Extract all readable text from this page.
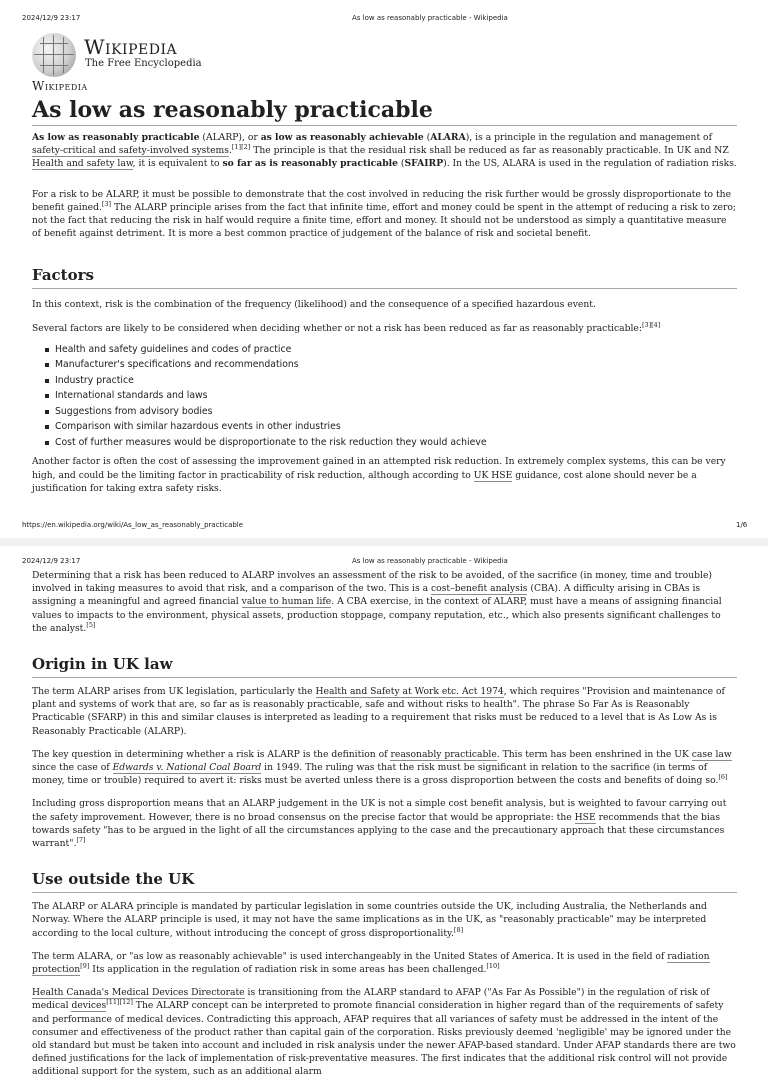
2024/12/9 23:17	As low as reasonably practicable - Wikipedia
Wikipedia
The Free Encyclopedia
Wikipedia
As low as reasonably practicable

As low as reasonably practicable (ALARP), or as low as reasonably achievable (ALARA), is a principle in the regulation and management of safety-critical and safety-involved systems.[1][2] The principle is that the residual risk shall be reduced as far as reasonably practicable. In UK and NZ Health and safety law, it is equivalent to so far as is reasonably practicable (SFAIRP). In the US, ALARA is used in the regulation of radiation risks.

For a risk to be ALARP, it must be possible to demonstrate that the cost involved in reducing the risk further would be grossly disproportionate to the benefit gained.[3] The ALARP principle arises from the fact that infinite time, effort and money could be spent in the attempt of reducing a risk to zero; not the fact that reducing the risk in half would require a finite time, effort and money. It should not be understood as simply a quantitative measure of benefit against detriment. It is more a best common practice of judgement of the balance of risk and societal benefit.

Factors

In this context, risk is the combination of the frequency (likelihood) and the consequence of a specified hazardous event.

Several factors are likely to be considered when deciding whether or not a risk has been reduced as far as reasonably practicable:[3][4]

Health and safety guidelines and codes of practice
Manufacturer's specifications and recommendations
Industry practice
International standards and laws
Suggestions from advisory bodies
Comparison with similar hazardous events in other industries
Cost of further measures would be disproportionate to the risk reduction they would achieve

Another factor is often the cost of assessing the improvement gained in an attempted risk reduction. In extremely complex systems, this can be very high, and could be the limiting factor in practicability of risk reduction, although according to UK HSE guidance, cost alone should never be a justification for taking extra safety risks.

https://en.wikipedia.org/wiki/As_low_as_reasonably_practicable	1/6
2024/12/9 23:17	As low as reasonably practicable - Wikipedia

Determining that a risk has been reduced to ALARP involves an assessment of the risk to be avoided, of the sacrifice (in money, time and trouble) involved in taking measures to avoid that risk, and a comparison of the two. This is a cost–benefit analysis (CBA). A difficulty arising in CBAs is assigning a meaningful and agreed financial value to human life. A CBA exercise, in the context of ALARP, must have a means of assigning financial values to impacts to the environment, physical assets, production stoppage, company reputation, etc., which also presents significant challenges to the analyst.[5]

Origin in UK law

The term ALARP arises from UK legislation, particularly the Health and Safety at Work etc. Act 1974, which requires "Provision and maintenance of plant and systems of work that are, so far as is reasonably practicable, safe and without risks to health". The phrase So Far As is Reasonably Practicable (SFARP) in this and similar clauses is interpreted as leading to a requirement that risks must be reduced to a level that is As Low As is Reasonably Practicable (ALARP).

The key question in determining whether a risk is ALARP is the definition of reasonably practicable. This term has been enshrined in the UK case law since the case of Edwards v. National Coal Board in 1949. The ruling was that the risk must be significant in relation to the sacrifice (in terms of money, time or trouble) required to avert it: risks must be averted unless there is a gross disproportion between the costs and benefits of doing so.[6]

Including gross disproportion means that an ALARP judgement in the UK is not a simple cost benefit analysis, but is weighted to favour carrying out the safety improvement. However, there is no broad consensus on the precise factor that would be appropriate: the HSE recommends that the bias towards safety "has to be argued in the light of all the circumstances applying to the case and the precautionary approach that these circumstances warrant".[7]

Use outside the UK

The ALARP or ALARA principle is mandated by particular legislation in some countries outside the UK, including Australia, the Netherlands and Norway. Where the ALARP principle is used, it may not have the same implications as in the UK, as "reasonably practicable" may be interpreted according to the local culture, without introducing the concept of gross disproportionality.[8]

The term ALARA, or "as low as reasonably achievable" is used interchangeably in the United States of America. It is used in the field of radiation protection[9] Its application in the regulation of radiation risk in some areas has been challenged.[10]

Health Canada's Medical Devices Directorate is transitioning from the ALARP standard to AFAP ("As Far As Possible") in the regulation of risk of medical devices[11][12] The ALARP concept can be interpreted to promote financial consideration in higher regard than of the requirements of safety and performance of medical devices. Contradicting this approach, AFAP requires that all variances of safety must be addressed in the intent of the consumer and effectiveness of the product rather than capital gain of the corporation. Risks previously deemed 'negligible' may be ignored under the old standard but must be taken into account and included in risk analysis under the newer AFAP-based standard. Under AFAP standards there are two defined justifications for the lack of implementation of risk-preventative measures. The first indicates that the additional risk control will not provide additional support for the system, such as an additional alarm
